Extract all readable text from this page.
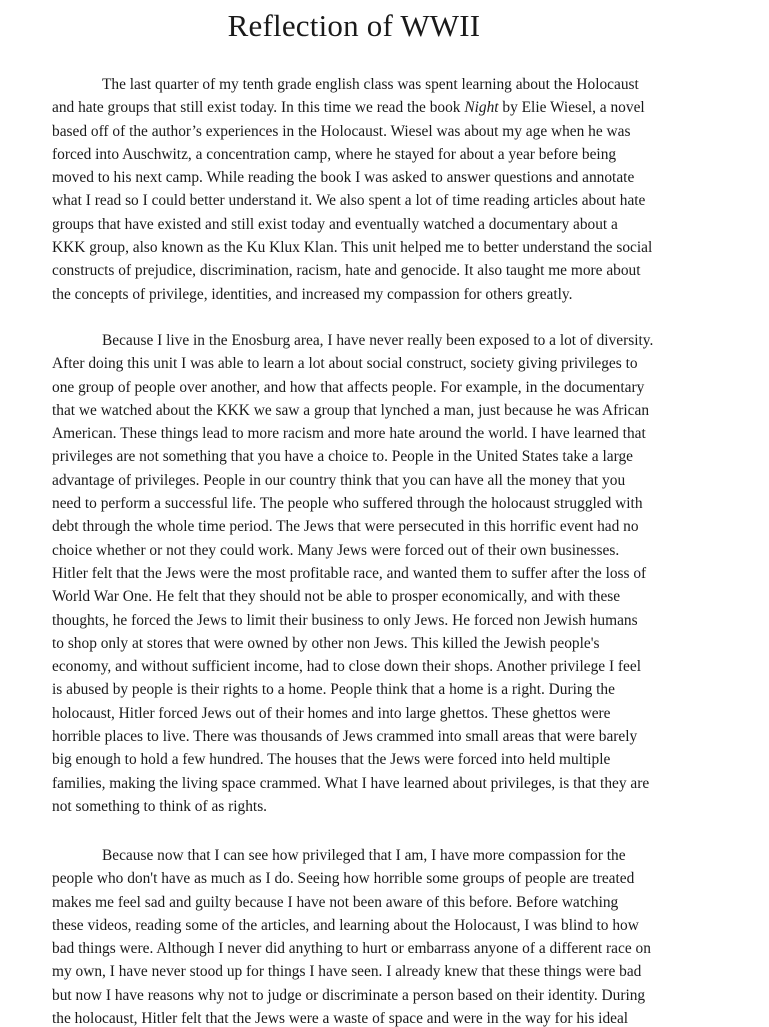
Reflection of WWII
The last quarter of my tenth grade english class was spent learning about the Holocaust
and hate groups that still exist today. In this time we read the book Night by Elie Wiesel, a novel
based off of the author’s experiences in the Holocaust. Wiesel was about my age when he was
forced into Auschwitz, a concentration camp, where he stayed for about a year before being
moved to his next camp. While reading the book I was asked to answer questions and annotate
what I read so I could better understand it. We also spent a lot of time reading articles about hate
groups that have existed and still exist today and eventually watched a documentary about a
KKK group, also known as the Ku Klux Klan. This unit helped me to better understand the social
constructs of prejudice, discrimination, racism, hate and genocide. It also taught me more about
the concepts of privilege, identities, and increased my compassion for others greatly.
Because I live in the Enosburg area, I have never really been exposed to a lot of diversity.
After doing this unit I was able to learn a lot about social construct, society giving privileges to
one group of people over another, and how that affects people. For example, in the documentary
that we watched about the KKK we saw a group that lynched a man, just because he was African
American. These things lead to more racism and more hate around the world. I have learned that
privileges are not something that you have a choice to. People in the United States take a large
advantage of privileges. People in our country think that you can have all the money that you
need to perform a successful life. The people who suffered through the holocaust struggled with
debt through the whole time period. The Jews that were persecuted in this horrific event had no
choice whether or not they could work. Many Jews were forced out of their own businesses.
Hitler felt that the Jews were the most profitable race, and wanted them to suffer after the loss of
World War One. He felt that they should not be able to prosper economically, and with these
thoughts, he forced the Jews to limit their business to only Jews. He forced non Jewish humans
to shop only at stores that were owned by other non Jews. This killed the Jewish people's
economy, and without sufficient income, had to close down their shops. Another privilege I feel
is abused by people is their rights to a home. People think that a home is a right. During the
holocaust, Hitler forced Jews out of their homes and into large ghettos. These ghettos were
horrible places to live. There was thousands of Jews crammed into small areas that were barely
big enough to hold a few hundred. The houses that the Jews were forced into held multiple
families, making the living space crammed. What I have learned about privileges, is that they are
not something to think of as rights.
Because now that I can see how privileged that I am, I have more compassion for the
people who don't have as much as I do. Seeing how horrible some groups of people are treated
makes me feel sad and guilty because I have not been aware of this before. Before watching
these videos, reading some of the articles, and learning about the Holocaust, I was blind to how
bad things were. Although I never did anything to hurt or embarrass anyone of a different race on
my own, I have never stood up for things I have seen. I already knew that these things were bad
but now I have reasons why not to judge or discriminate a person based on their identity. During
the holocaust, Hitler felt that the Jews were a waste of space and were in the way for his ideal
